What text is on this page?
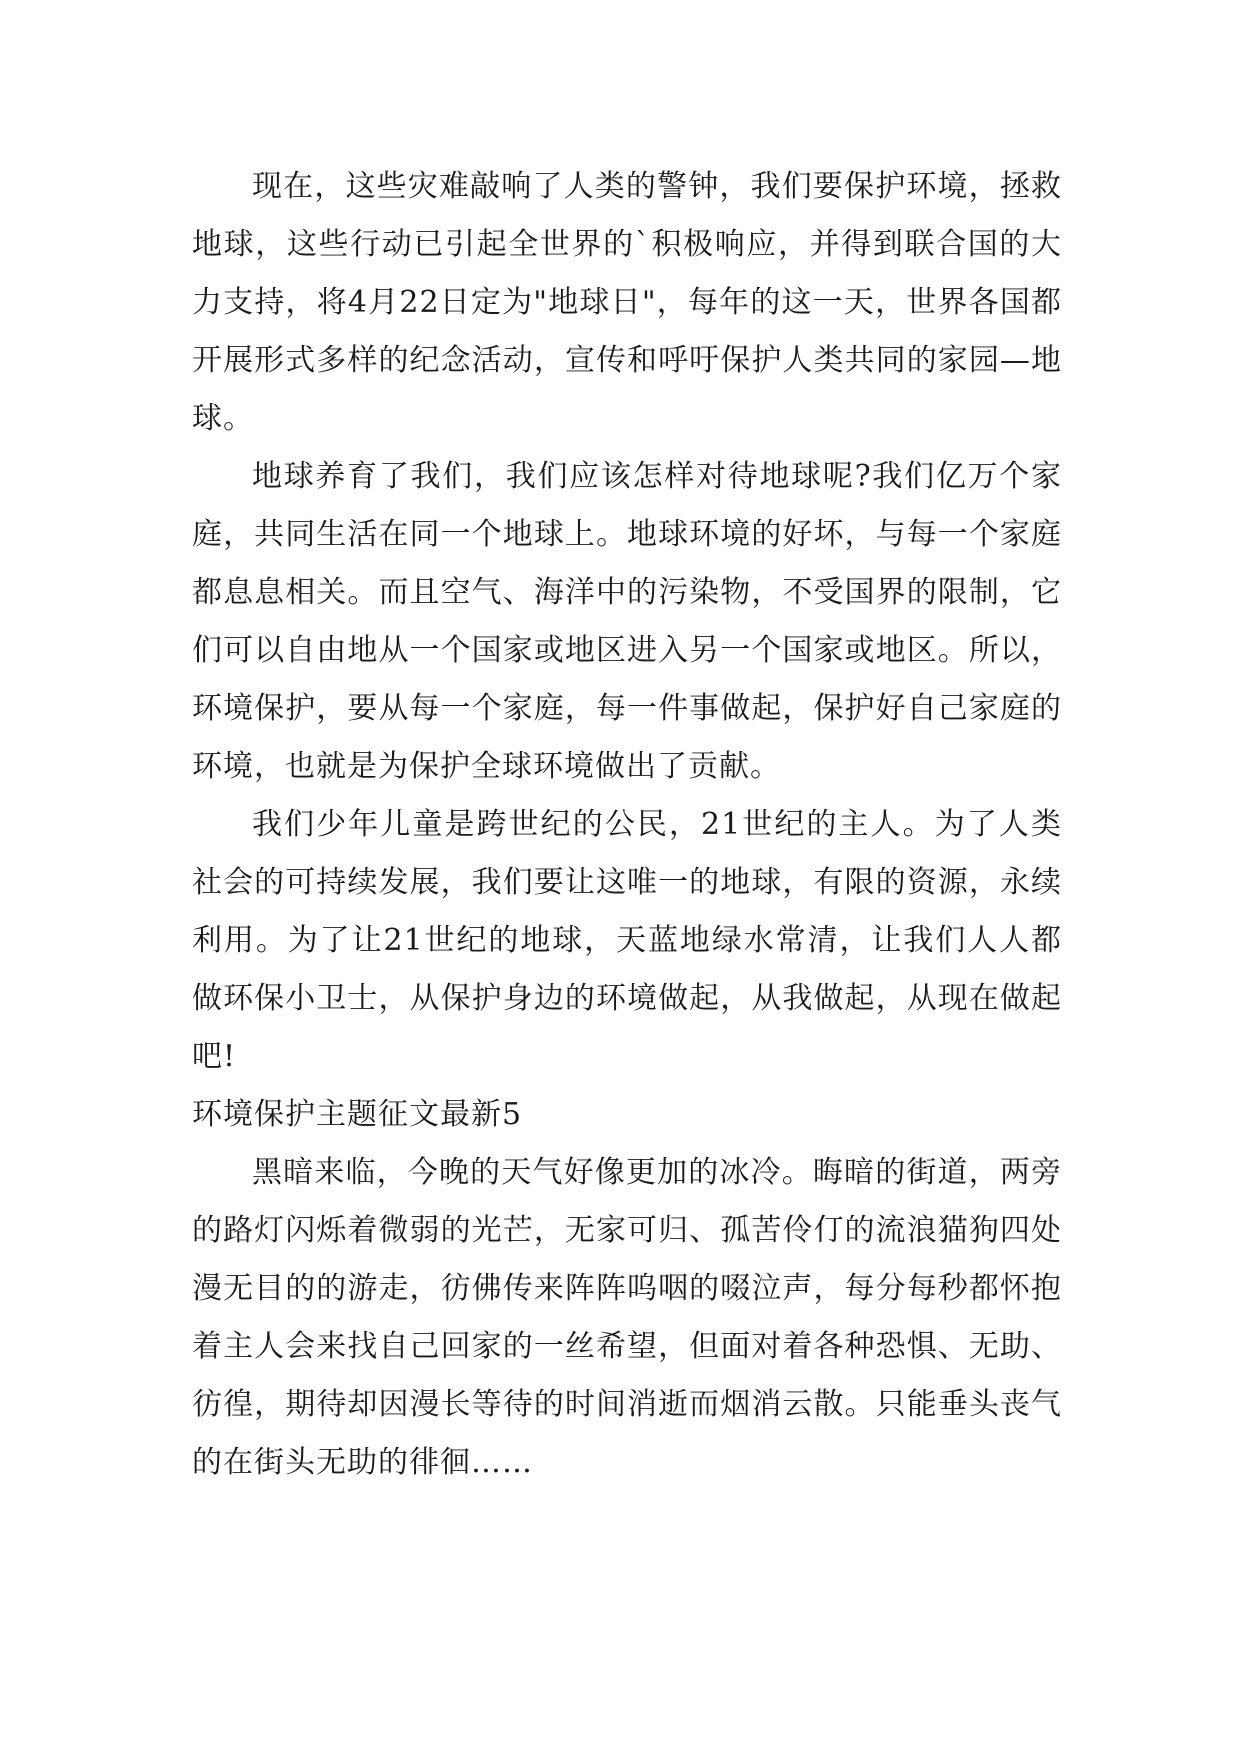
现在，这些灾难敲响了人类的警钟，我们要保护环境，拯救地球，这些行动已引起全世界的`积极响应，并得到联合国的大力支持，将4月22日定为"地球日"，每年的这一天，世界各国都开展形式多样的纪念活动，宣传和呼吁保护人类共同的家园—地球。

地球养育了我们，我们应该怎样对待地球呢?我们亿万个家庭，共同生活在同一个地球上。地球环境的好坏，与每一个家庭都息息相关。而且空气、海洋中的污染物，不受国界的限制，它们可以自由地从一个国家或地区进入另一个国家或地区。所以，环境保护，要从每一个家庭，每一件事做起，保护好自己家庭的环境，也就是为保护全球环境做出了贡献。

我们少年儿童是跨世纪的公民，21世纪的主人。为了人类社会的可持续发展，我们要让这唯一的地球，有限的资源，永续利用。为了让21世纪的地球，天蓝地绿水常清，让我们人人都做环保小卫士，从保护身边的环境做起，从我做起，从现在做起吧!

环境保护主题征文最新5

黑暗来临，今晚的天气好像更加的冰冷。晦暗的街道，两旁的路灯闪烁着微弱的光芒，无家可归、孤苦伶仃的流浪猫狗四处漫无目的的游走，彷佛传来阵阵呜咽的啜泣声，每分每秒都怀抱着主人会来找自己回家的一丝希望，但面对着各种恐惧、无助、彷徨，期待却因漫长等待的时间消逝而烟消云散。只能垂头丧气的在街头无助的徘徊……
